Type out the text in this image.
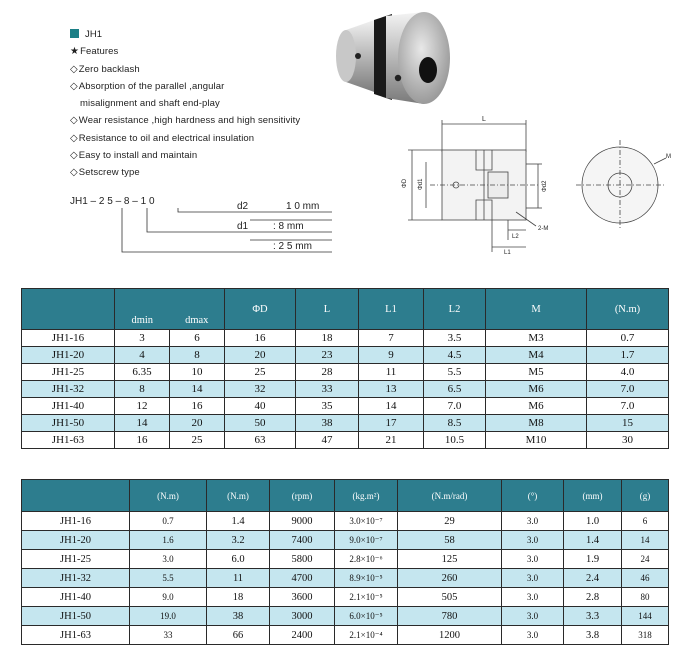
JH1
★Features
◇Zero backlash
◇Absorption of the parallel ,angular
misalignment and shaft end-play
◇Wear resistance ,high hardness and high sensitivity
◇Resistance to oil and electrical insulation
◇Easy to install and maintain
◇Setscrew type
JH1 – 2 5 – 8 – 1 0	d2	1 0 mm
d1 : 8 mm
: 2 5 mm
L
ΦD Φd1	Φd2
L2
L1
2-M
M
			ΦD	L	L1	L2	M	(N.m)
	dmin	dmax						
JH1-16	3	6	16	18	7	3.5	M3	0.7
JH1-20	4	8	20	23	9	4.5	M4	1.7
JH1-25	6.35	10	25	28	11	5.5	M5	4.0
JH1-32	8	14	32	33	13	6.5	M6	7.0
JH1-40	12	16	40	35	14	7.0	M6	7.0
JH1-50	14	20	50	38	17	8.5	M8	15
JH1-63	16	25	63	47	21	10.5	M10	30
	(N.m)	(N.m)	(rpm)	(kg.m²)	(N.m/rad)	(°)	(mm)	(g)
JH1-16	0.7	1.4	9000	3.0×10⁻⁷	29	3.0	1.0	6
JH1-20	1.6	3.2	7400	9.0×10⁻⁷	58	3.0	1.4	14
JH1-25	3.0	6.0	5800	2.8×10⁻⁶	125	3.0	1.9	24
JH1-32	5.5	11	4700	8.9×10⁻⁵	260	3.0	2.4	46
JH1-40	9.0	18	3600	2.1×10⁻⁵	505	3.0	2.8	80
JH1-50	19.0	38	3000	6.0×10⁻⁵	780	3.0	3.3	144
JH1-63	33	66	2400	2.1×10⁻⁴	1200	3.0	3.8	318
